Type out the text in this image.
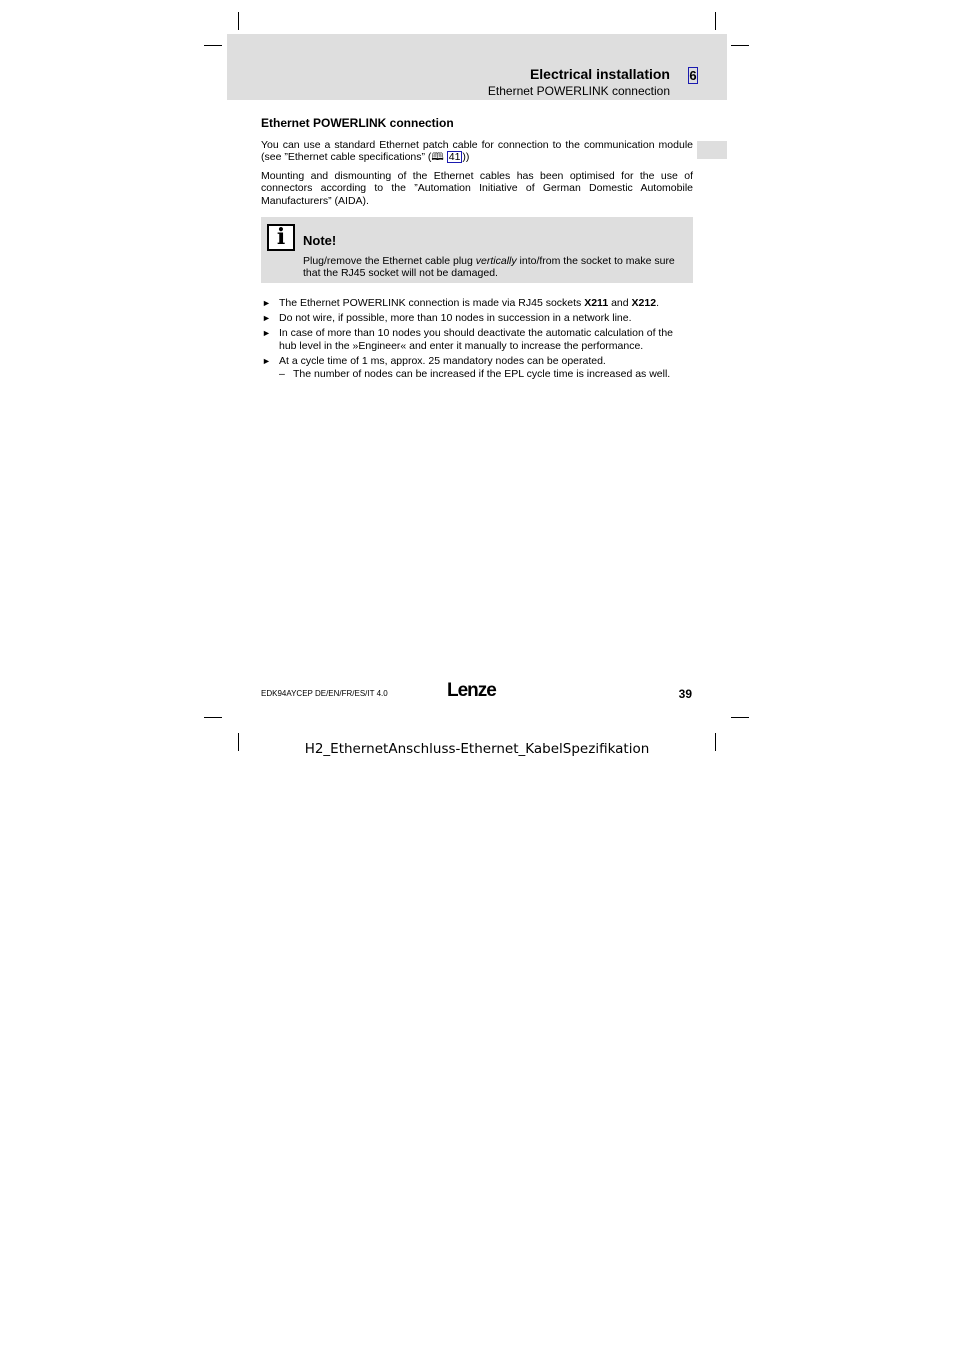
Electrical installation
Ethernet POWERLINK connection
6
Ethernet POWERLINK connection

You can use a standard Ethernet patch cable for connection to the communication module (see ”Ethernet cable specifications” (🕮 41 ))

Mounting and dismounting of the Ethernet cables has been optimised for the use of connectors according to the ”Automation Initiative of German Domestic Automobile Manufacturers” (AIDA).

i	Note!
Plug/remove the Ethernet cable plug vertically into/from the socket to make sure that the RJ45 socket will not be damaged.
► The Ethernet POWERLINK connection is made via RJ45 sockets X211 and X212.
► Do not wire, if possible, more than 10 nodes in succession in a network line.
► In case of more than 10 nodes you should deactivate the automatic calculation of the hub level in the »Engineer« and enter it manually to increase the performance.
► At a cycle time of 1 ms, approx. 25 mandatory nodes can be operated.
– The number of nodes can be increased if the EPL cycle time is increased as well.
EDK94AYCEP DE/EN/FR/ES/IT 4.0	Lenze	39
H2_EthernetAnschluss-Ethernet_KabelSpezifikation
